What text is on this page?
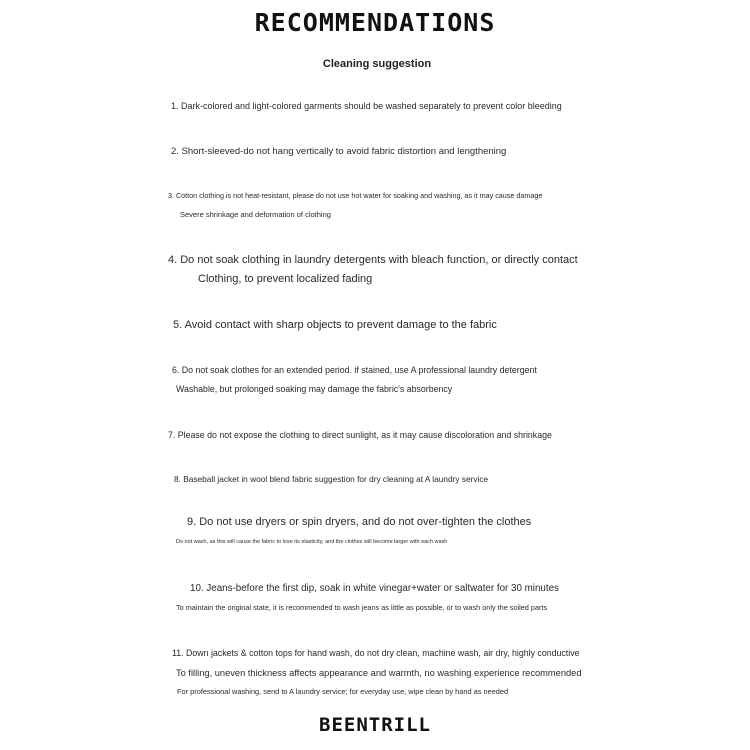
RECOMMENDATIONS
Cleaning suggestion
1. Dark-colored and light-colored garments should be washed separately to prevent color bleeding
2. Short-sleeved-do not hang vertically to avoid fabric distortion and lengthening
3. Cotton clothing is not heat-resistant, please do not use hot water for soaking and washing, as it may cause damage
Severe shrinkage and deformation of clothing
4. Do not soak clothing in laundry detergents with bleach function, or directly contact
Clothing, to prevent localized fading
5. Avoid contact with sharp objects to prevent damage to the fabric
6. Do not soak clothes for an extended period. if stained, use A professional laundry detergent
Washable, but prolonged soaking may damage the fabric's absorbency
7. Please do not expose the clothing to direct sunlight, as it may cause discoloration and shrinkage
8. Baseball jacket in wool blend fabric suggestion for dry cleaning at A laundry service
9. Do not use dryers or spin dryers, and do not over-tighten the clothes
Do not wash, as this will cause the fabric to lose its elasticity, and the clothes will become larger with each wash
10. Jeans-before the first dip, soak in white vinegar+water or saltwater for 30 minutes
To maintain the original state, it is recommended to wash jeans as little as possible, or to wash only the soiled parts
11. Down jackets & cotton tops for hand wash, do not dry clean, machine wash, air dry, highly conductive
To filling, uneven thickness affects appearance and warmth, no washing experience recommended
For professional washing, send to A laundry service; for everyday use, wipe clean by hand as needed
BEENTRILL
